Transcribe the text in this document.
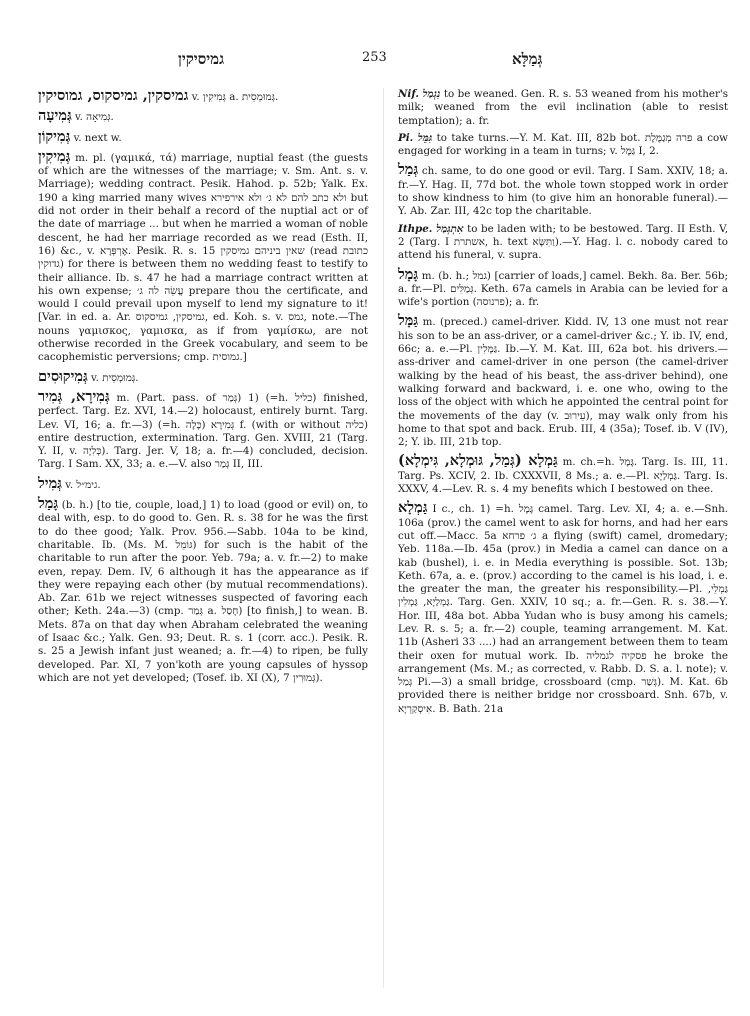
גמיסיקין	253	גְּמַלָּא
גמיסקין, גמיסקוס, גמוסיקין v. גְּמִיקִין a. גְּמוּמְסֵית.
גְּמִיעָה v. גְּמִיאָה.
גְּמִיקוֹן v. next w.
גְּמִיקִין m. pl. (γαμικά, τά) marriage, nuptial feast (the guests of which are the witnesses of the marriage; v. Sm. Ant. s. v. Marriage); wedding contract. Pesik. Hahod. p. 52b; Yalk. Ex. 190 a king married many wives ולא כתב להם לא ג׳ ולא אירפירא but did not order in their behalf a record of the nuptial act or of the date of marriage ... but when he married a woman of noble descent, he had her marriage recorded as we read (Esth. II, 16) &c., v. אֶרְפְּרָא. Pesik. R. s. 15 שאין ביניהם גמיסקין (read כתובת גדוקין) for there is between them no wedding feast to testify to their alliance. Ib. s. 47 he had a marriage contract written at his own expense; עֲשֵׂה לה ג׳ prepare thou the certificate, and would I could prevail upon myself to lend my signature to it! [Var. in ed. a. Ar. גמיסקין, גמיסקוס, ed. Koh. s. v. גמס, note.—The nouns γαμισκος, γαμισκα, as if from γαμίσκω, are not otherwise recorded in the Greek vocabulary, and seem to be cacophemistic perversions; cmp. גמוסית.]
גְּמִיקוּסִים v. גְּמוּמְסֵית.
גְּמִירָא, גְּמִיר m. (Part. pass. of גְּמַר) 1) (=h. כליל) finished, perfect. Targ. Ez. XVI, 14.—2) holocaust, entirely burnt. Targ. Lev. VI, 16; a. fr.—3) (=h. כָּלָה) גְּמִירָא f. (with or without כליה) entire destruction, extermination. Targ. Gen. XVIII, 21 (Targ. Y. II, v. כְּלִיָה). Targ. Jer. V, 18; a. fr.—4) concluded, decision. Targ. I Sam. XX, 33; a. e.—V. also גְּמַר II, III.
גְּמִיל v. גימ״ל.
גָּמַל (b. h.) [to tie, couple, load,] 1) to load (good or evil) on, to deal with, esp. to do good to. Gen. R. s. 38 for he was the first to do thee good; Yalk. Prov. 956.—Sabb. 104a to be kind, charitable. Ib. (Ms. M. גּוֹמֵל) for such is the habit of the charitable to run after the poor. Yeb. 79a; a. v. fr.—2) to make even, repay. Dem. IV, 6 although it has the appearance as if they were repaying each other (by mutual recommendations). Ab. Zar. 61b we reject witnesses suspected of favoring each other; Keth. 24a.—3) (cmp. גְּמַר a. חָסַל) [to finish,] to wean. B. Mets. 87a on that day when Abraham celebrated the weaning of Isaac &c.; Yalk. Gen. 93; Deut. R. s. 1 (corr. acc.). Pesik. R. s. 25 a Jewish infant just weaned; a. fr.—4) to ripen, be fully developed. Par. XI, 7 yon'koth are young capsules of hyssop which are not yet developed; (Tosef. ib. XI (X), 7 גְּמוּרִין).
Nif. נִגְמַל to be weaned. Gen. R. s. 53 weaned from his mother's milk; weaned from the evil inclination (able to resist temptation); a. fr.
Pi. גִּמֵּל to take turns.—Y. M. Kat. III, 82b bot. פרה מְגַמֶּלֶת a cow engaged for working in a team in turns; v. גַּמָּל I, 2.
גְּמַל ch. same, to do one good or evil. Targ. I Sam. XXIV, 18; a. fr.—Y. Hag. II, 77d bot. the whole town stopped work in order to show kindness to him (to give him an honorable funeral).—Y. Ab. Zar. III, 42c top the charitable.
Ithpe. אִתְגְּמַל to be laden with; to be bestowed. Targ. II Esth. V, 2 (Targ. I אשתרת, h. text וַתִּשָּׂא).—Y. Hag. l. c. nobody cared to attend his funeral, v. supra.
גָּמָל m. (b. h.; גמל) [carrier of loads,] camel. Bekh. 8a. Ber. 56b; a. fr.—Pl. גְּמַלִּים. Keth. 67a camels in Arabia can be levied for a wife's portion (פרנוסה); a. fr.
גַּמָּל m. (preced.) camel-driver. Kidd. IV, 13 one must not rear his son to be an ass-driver, or a camel-driver &c.; Y. ib. IV, end, 66c; a. e.—Pl. גַּמָּלִין. Ib.—Y. M. Kat. III, 62a bot. his drivers.—ass-driver and camel-driver in one person (the camel-driver walking by the head of his beast, the ass-driver behind), one walking forward and backward, i. e. one who, owing to the loss of the object with which he appointed the central point for the movements of the day (v. עֵירוּב), may walk only from his home to that spot and back. Erub. III, 4 (35a); Tosef. ib. V (IV), 2; Y. ib. III, 21b top.
גַּמְלָא (גְּמַל, גּוּמְלָא, גִּימְלָא) m. ch.=h. גָּמָל. Targ. Is. III, 11. Targ. Ps. XCIV, 2. Ib. CXXXVII, 8 Ms.; a. e.—Pl. גַּמְלַיָא. Targ. Is. XXXV, 4.—Lev. R. s. 4 my benefits which I bestowed on thee.
גַּמְלָא I c., ch. 1) =h. גָּמָל camel. Targ. Lev. XI, 4; a. e.—Snh. 106a (prov.) the camel went to ask for horns, and had her ears cut off.—Macc. 5a ג׳ פרחא a flying (swift) camel, dromedary; Yeb. 118a.—Ib. 45a (prov.) in Media a camel can dance on a kab (bushel), i. e. in Media everything is possible. Sot. 13b; Keth. 67a, a. e. (prov.) according to the camel is his load, i. e. the greater the man, the greater his responsibility.—Pl. גַּמְלֵי, גַּמְלַיָא, גַּמְלִין. Targ. Gen. XXIV, 10 sq.; a. fr.—Gen. R. s. 38.—Y. Hor. III, 48a bot. Abba Yudan who is busy among his camels; Lev. R. s. 5; a. fr.—2) couple, teaming arrangement. M. Kat. 11b (Asheri 33 ....) had an arrangement between them to team their oxen for mutual work. Ib. פסקיה לגמליה he broke the arrangement (Ms. M.; as corrected, v. Rabb. D. S. a. l. note); v. גְּמַל Pi.—3) a small bridge, crossboard (cmp. גְּשַׁר). M. Kat. 6b provided there is neither bridge nor crossboard. Snh. 67b, v. אִיסְקַרְיָא. B. Bath. 21a
